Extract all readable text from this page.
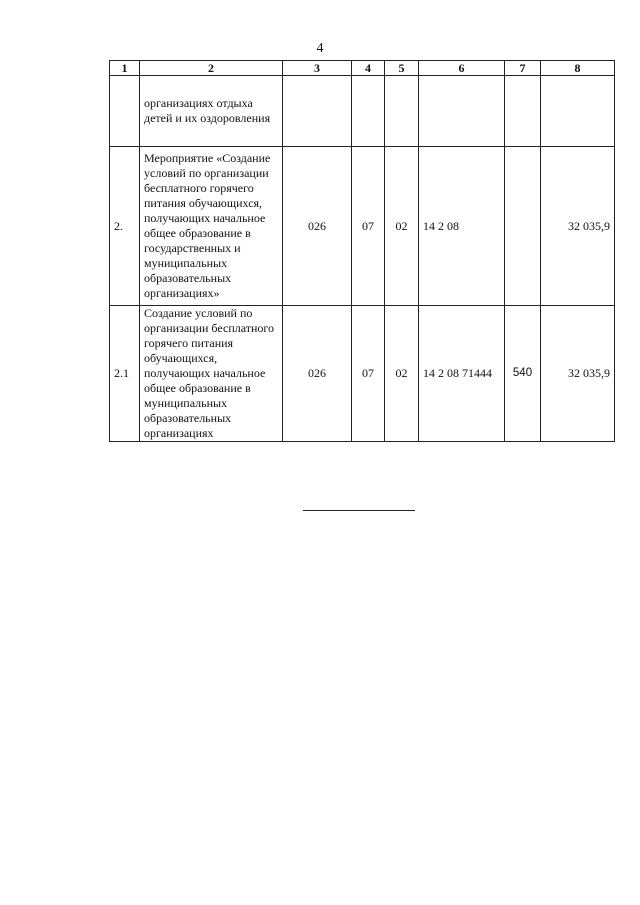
4
1	2	3	4	5	6	7	8
	организациях отдыха детей и их оздоровления						
2.	Мероприятие «Создание условий по организации бесплатного горячего питания обучающихся, получающих начальное общее образование в государственных и муниципальных образовательных организациях»	026	07	02	14 2 08		32 035,9
2.1	Создание условий по организации бесплатного горячего питания обучающихся, получающих начальное общее образование в муниципальных образовательных организациях	026	07	02	14 2 08 71444	540	32 035,9
